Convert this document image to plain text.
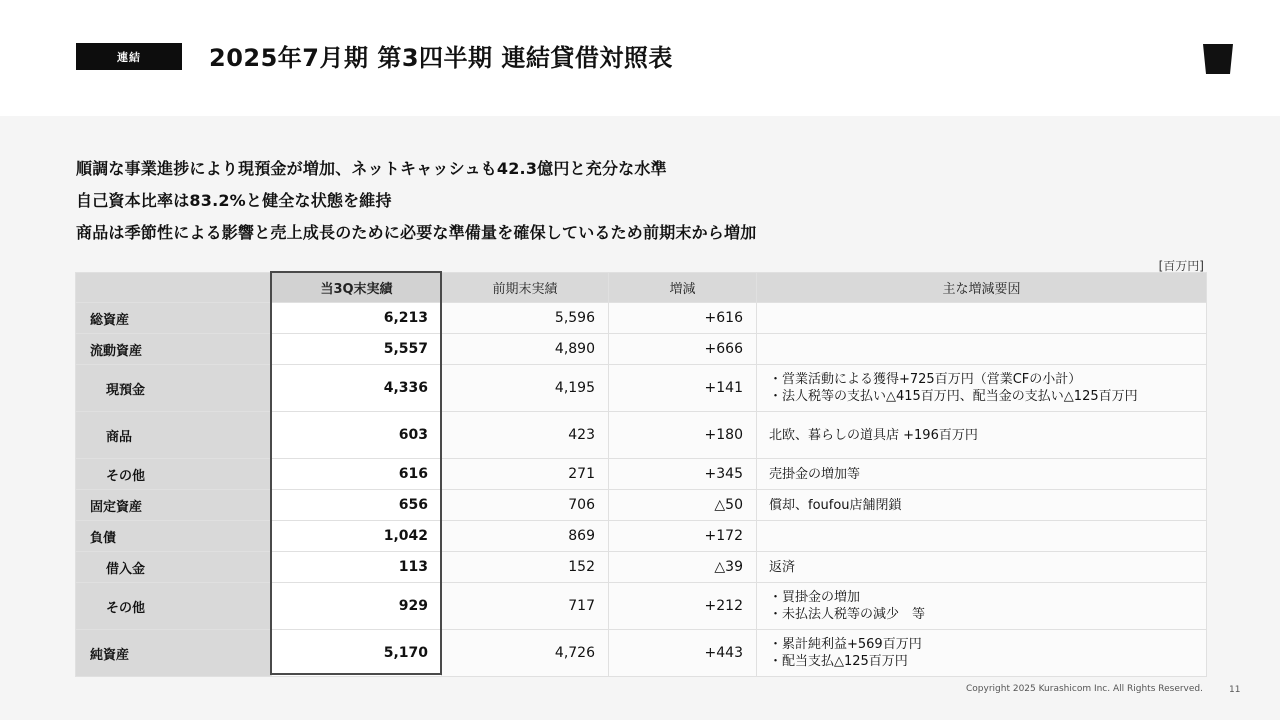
連結	2025年7月期 第3四半期 連結貸借対照表
順調な事業進捗により現預金が増加、ネットキャッシュも42.3億円と充分な水準
自己資本比率は83.2%と健全な状態を維持
商品は季節性による影響と売上成長のために必要な準備量を確保しているため前期末から増加
[百万円]
	当3Q末実績	前期末実績	増減	主な増減要因
総資産	6,213	5,596	+616	
流動資産	5,557	4,890	+666	
現預金	4,336	4,195	+141	・営業活動による獲得+725百万円（営業CFの小計）
・法人税等の支払い△415百万円、配当金の支払い△125百万円

商品	603	423	+180	北欧、暮らしの道具店 +196百万円

その他	616	271	+345	売掛金の増加等

固定資産	656	706	△50	償却、foufou店舗閉鎖

負債	1,042	869	+172	
借入金	113	152	△39	返済

その他	929	717	+212	・買掛金の増加
・未払法人税等の減少　等

純資産	5,170	4,726	+443	・累計純利益+569百万円
・配当支払△125百万円
Copyright 2025 Kurashicom Inc. All Rights Reserved.	11
